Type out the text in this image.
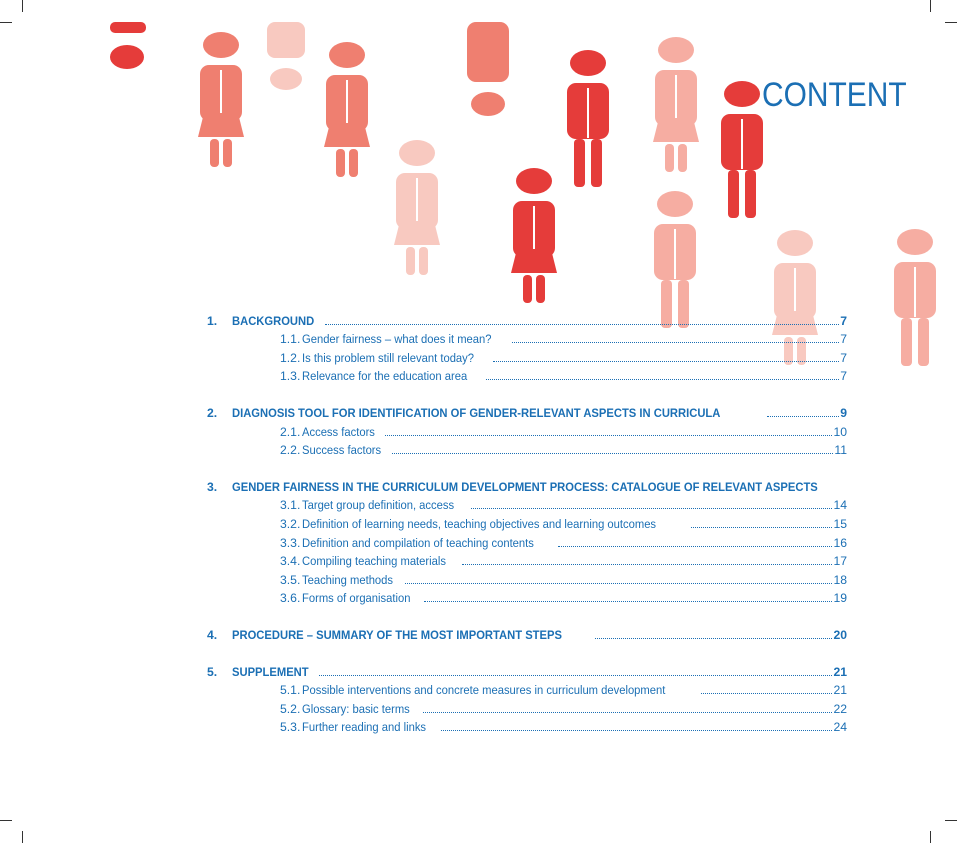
CONTENT
1.	BACKGROUND	7
1.1. Gender fairness – what does it mean?	7
1.2. Is this problem still relevant today?	7
1.3. Relevance for the education area	7
2.	DIAGNOSIS TOOL FOR IDENTIFICATION OF GENDER-RELEVANT ASPECTS IN CURRICULA	9
2.1. Access factors	10
2.2. Success factors	11
3.	GENDER FAIRNESS IN THE CURRICULUM DEVELOPMENT PROCESS: CATALOGUE OF RELEVANT ASPECTS
3.1. Target group definition, access	14
3.2. Definition of learning needs, teaching objectives and learning outcomes	15
3.3. Definition and compilation of teaching contents	16
3.4. Compiling teaching materials	17
3.5. Teaching methods	18
3.6. Forms of organisation	19
4.	PROCEDURE – SUMMARY OF THE MOST IMPORTANT STEPS	20
5.	SUPPLEMENT	21
5.1. Possible interventions and concrete measures in curriculum development	21
5.2. Glossary: basic terms	22
5.3. Further reading and links	24
